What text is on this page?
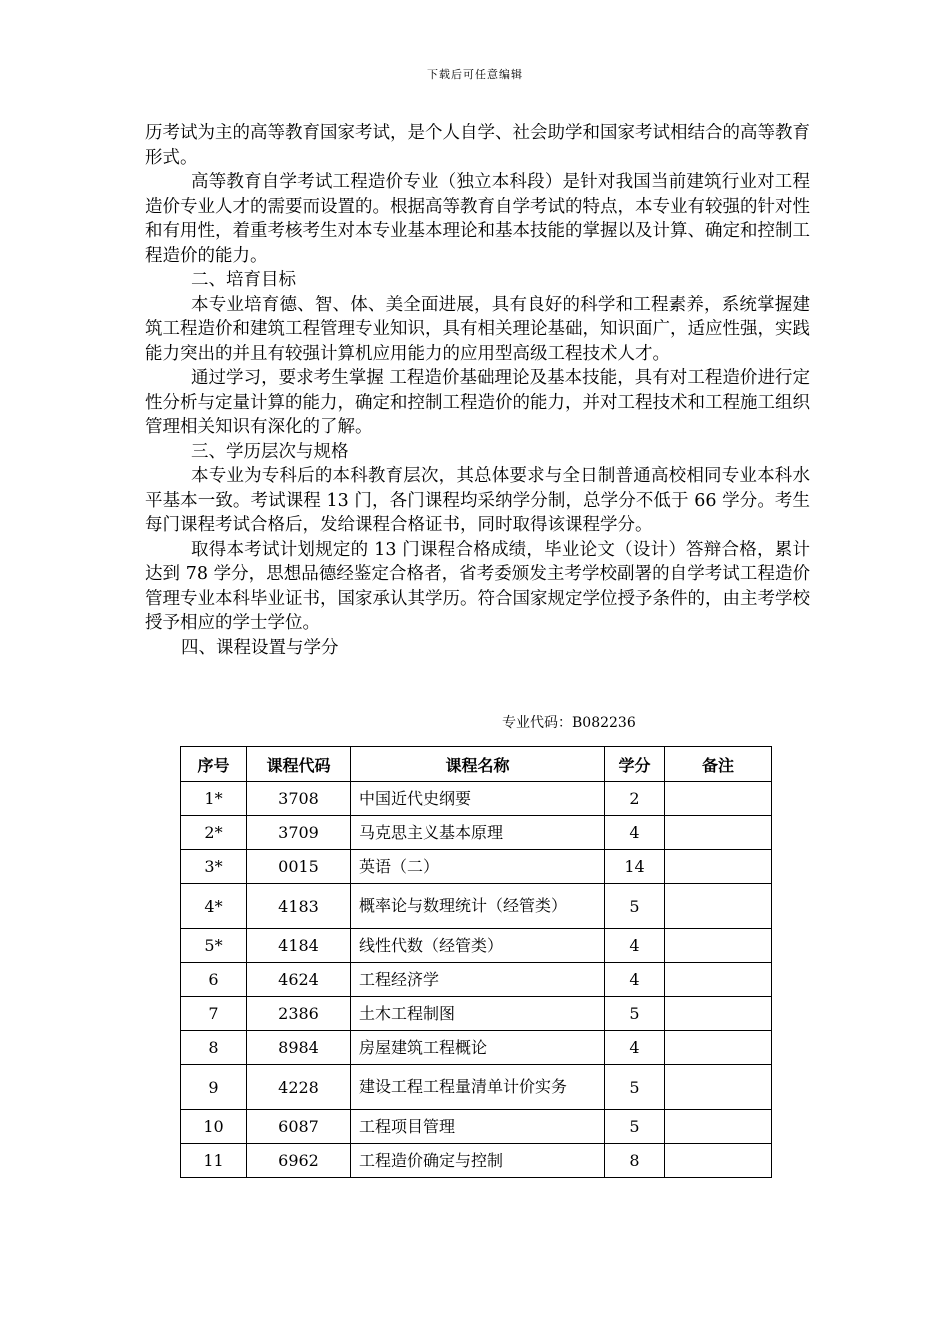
下载后可任意编辑

历考试为主的高等教育国家考试，是个人自学、社会助学和国家考试相结合的高等教育形式。

高等教育自学考试工程造价专业（独立本科段）是针对我国当前建筑行业对工程造价专业人才的需要而设置的。根据高等教育自学考试的特点，本专业有较强的针对性和有用性，着重考核考生对本专业基本理论和基本技能的掌握以及计算、确定和控制工程造价的能力。

二、培育目标

本专业培育德、智、体、美全面进展，具有良好的科学和工程素养，系统掌握建筑工程造价和建筑工程管理专业知识，具有相关理论基础，知识面广，适应性强，实践能力突出的并且有较强计算机应用能力的应用型高级工程技术人才。

通过学习，要求考生掌握 工程造价基础理论及基本技能，具有对工程造价进行定性分析与定量计算的能力，确定和控制工程造价的能力，并对工程技术和工程施工组织管理相关知识有深化的了解。

三、学历层次与规格

本专业为专科后的本科教育层次，其总体要求与全日制普通高校相同专业本科水平基本一致。考试课程 13 门，各门课程均采纳学分制，总学分不低于 66 学分。考生每门课程考试合格后，发给课程合格证书，同时取得该课程学分。

取得本考试计划规定的 13 门课程合格成绩，毕业论文（设计）答辩合格，累计达到 78 学分，思想品德经鉴定合格者，省考委颁发主考学校副署的自学考试工程造价管理专业本科毕业证书，国家承认其学历。符合国家规定学位授予条件的，由主考学校授予相应的学士学位。

四、课程设置与学分

专业代码：B082236
序号	课程代码	课程名称	学分	备注
1*	3708	中国近代史纲要	2	
2*	3709	马克思主义基本原理	4	
3*	0015	英语（二）	14	
4*	4183	概率论与数理统计（经管类）	5	
5*	4184	线性代数（经管类）	4	
6	4624	工程经济学	4	
7	2386	土木工程制图	5	
8	8984	房屋建筑工程概论	4	
9	4228	建设工程工程量清单计价实务	5	
10	6087	工程项目管理	5	
11	6962	工程造价确定与控制	8	
